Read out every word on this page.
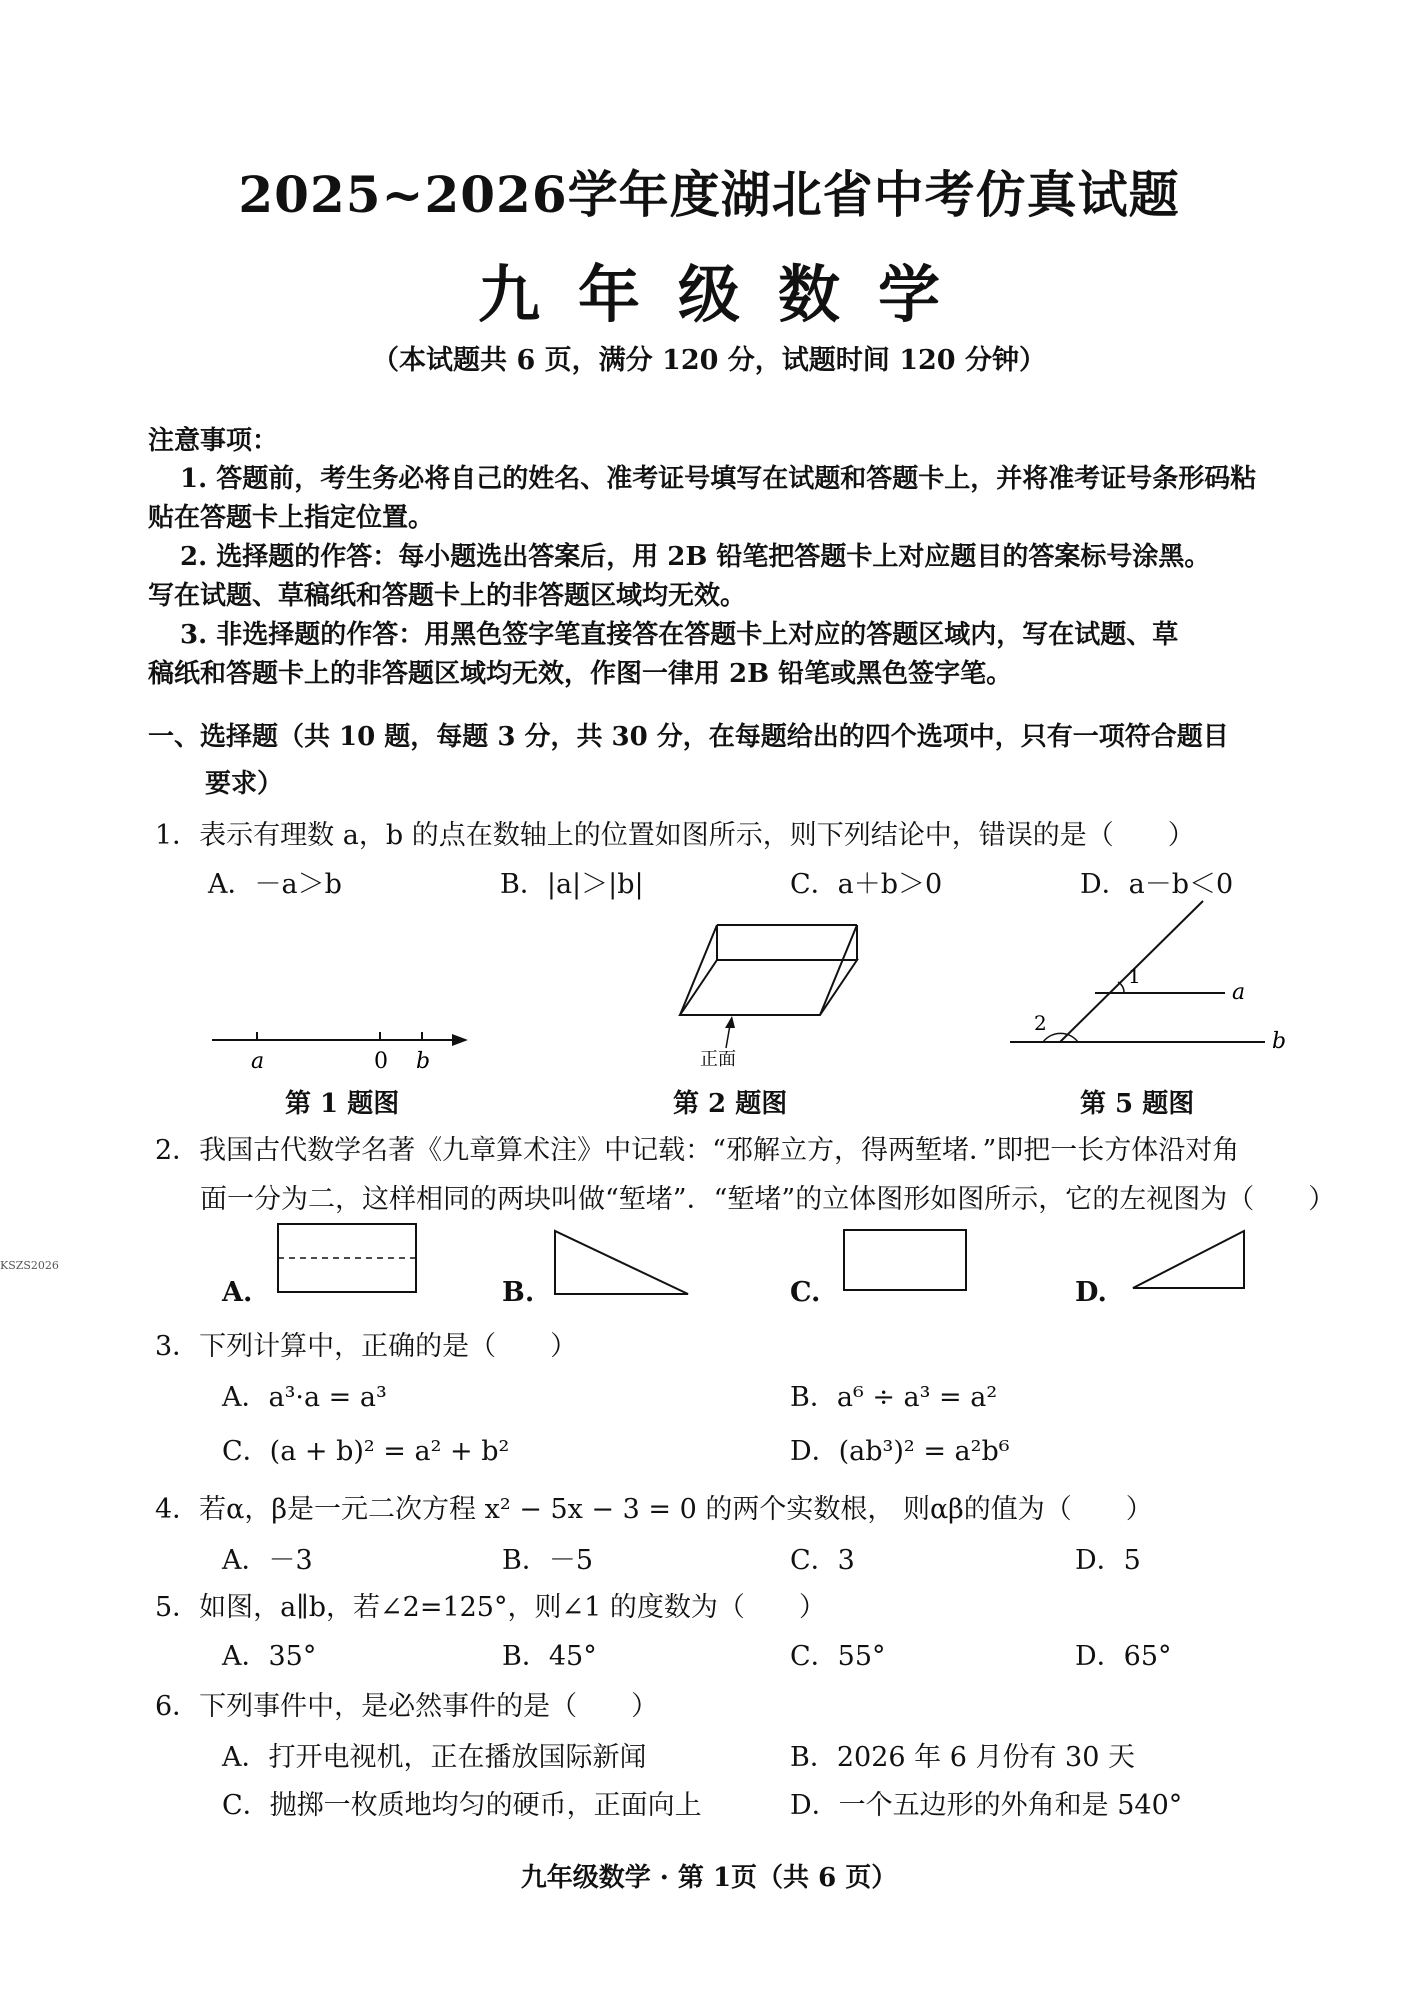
2025~2026学年度湖北省中考仿真试题
九年级数学
（本试题共 6 页，满分 120 分，试题时间 120 分钟）
注意事项：
1. 答题前，考生务必将自己的姓名、准考证号填写在试题和答题卡上，并将准考证号条形码粘
贴在答题卡上指定位置。
2. 选择题的作答：每小题选出答案后，用 2B 铅笔把答题卡上对应题目的答案标号涂黑。
写在试题、草稿纸和答题卡上的非答题区域均无效。
3. 非选择题的作答：用黑色签字笔直接答在答题卡上对应的答题区域内，写在试题、草
稿纸和答题卡上的非答题区域均无效，作图一律用 2B 铅笔或黑色签字笔。
一、选择题（共 10 题，每题 3 分，共 30 分，在每题给出的四个选项中，只有一项符合题目
要求）
1．表示有理数 a，b 的点在数轴上的位置如图所示，则下列结论中，错误的是（　　）
A．－a＞b	B．|a|＞|b|	C．a＋b＞0	D．a－b＜0
a	0 b
第 1 题图
正面
第 2 题图
1
a
2
b
第 5 题图
2．我国古代数学名著《九章算术注》中记载：“邪解立方，得两堑堵．”即把一长方体沿对角
面一分为二，这样相同的两块叫做“堑堵”．“堑堵”的立体图形如图所示，它的左视图为（　　）
A.	B.	C.	D.
3．下列计算中，正确的是（　　）
A．a³·a = a³	B．a⁶ ÷ a³ = a²
C．(a + b)² = a² + b²	D．(ab³)² = a²b⁶
4．若α，β是一元二次方程 x² − 5x − 3 = 0 的两个实数根， 则αβ的值为（　　）
A．－3	B．－5	C．3	D．5
5．如图，a∥b，若∠2=125°，则∠1 的度数为（　　）
A．35°	B．45°	C．55°	D．65°
6．下列事件中，是必然事件的是（　　）
A．打开电视机，正在播放国际新闻	B．2026 年 6 月份有 30 天
C．抛掷一枚质地均匀的硬币，正面向上	D．一个五边形的外角和是 540°
KSZS2026
九年级数学 · 第 1页（共 6 页）
